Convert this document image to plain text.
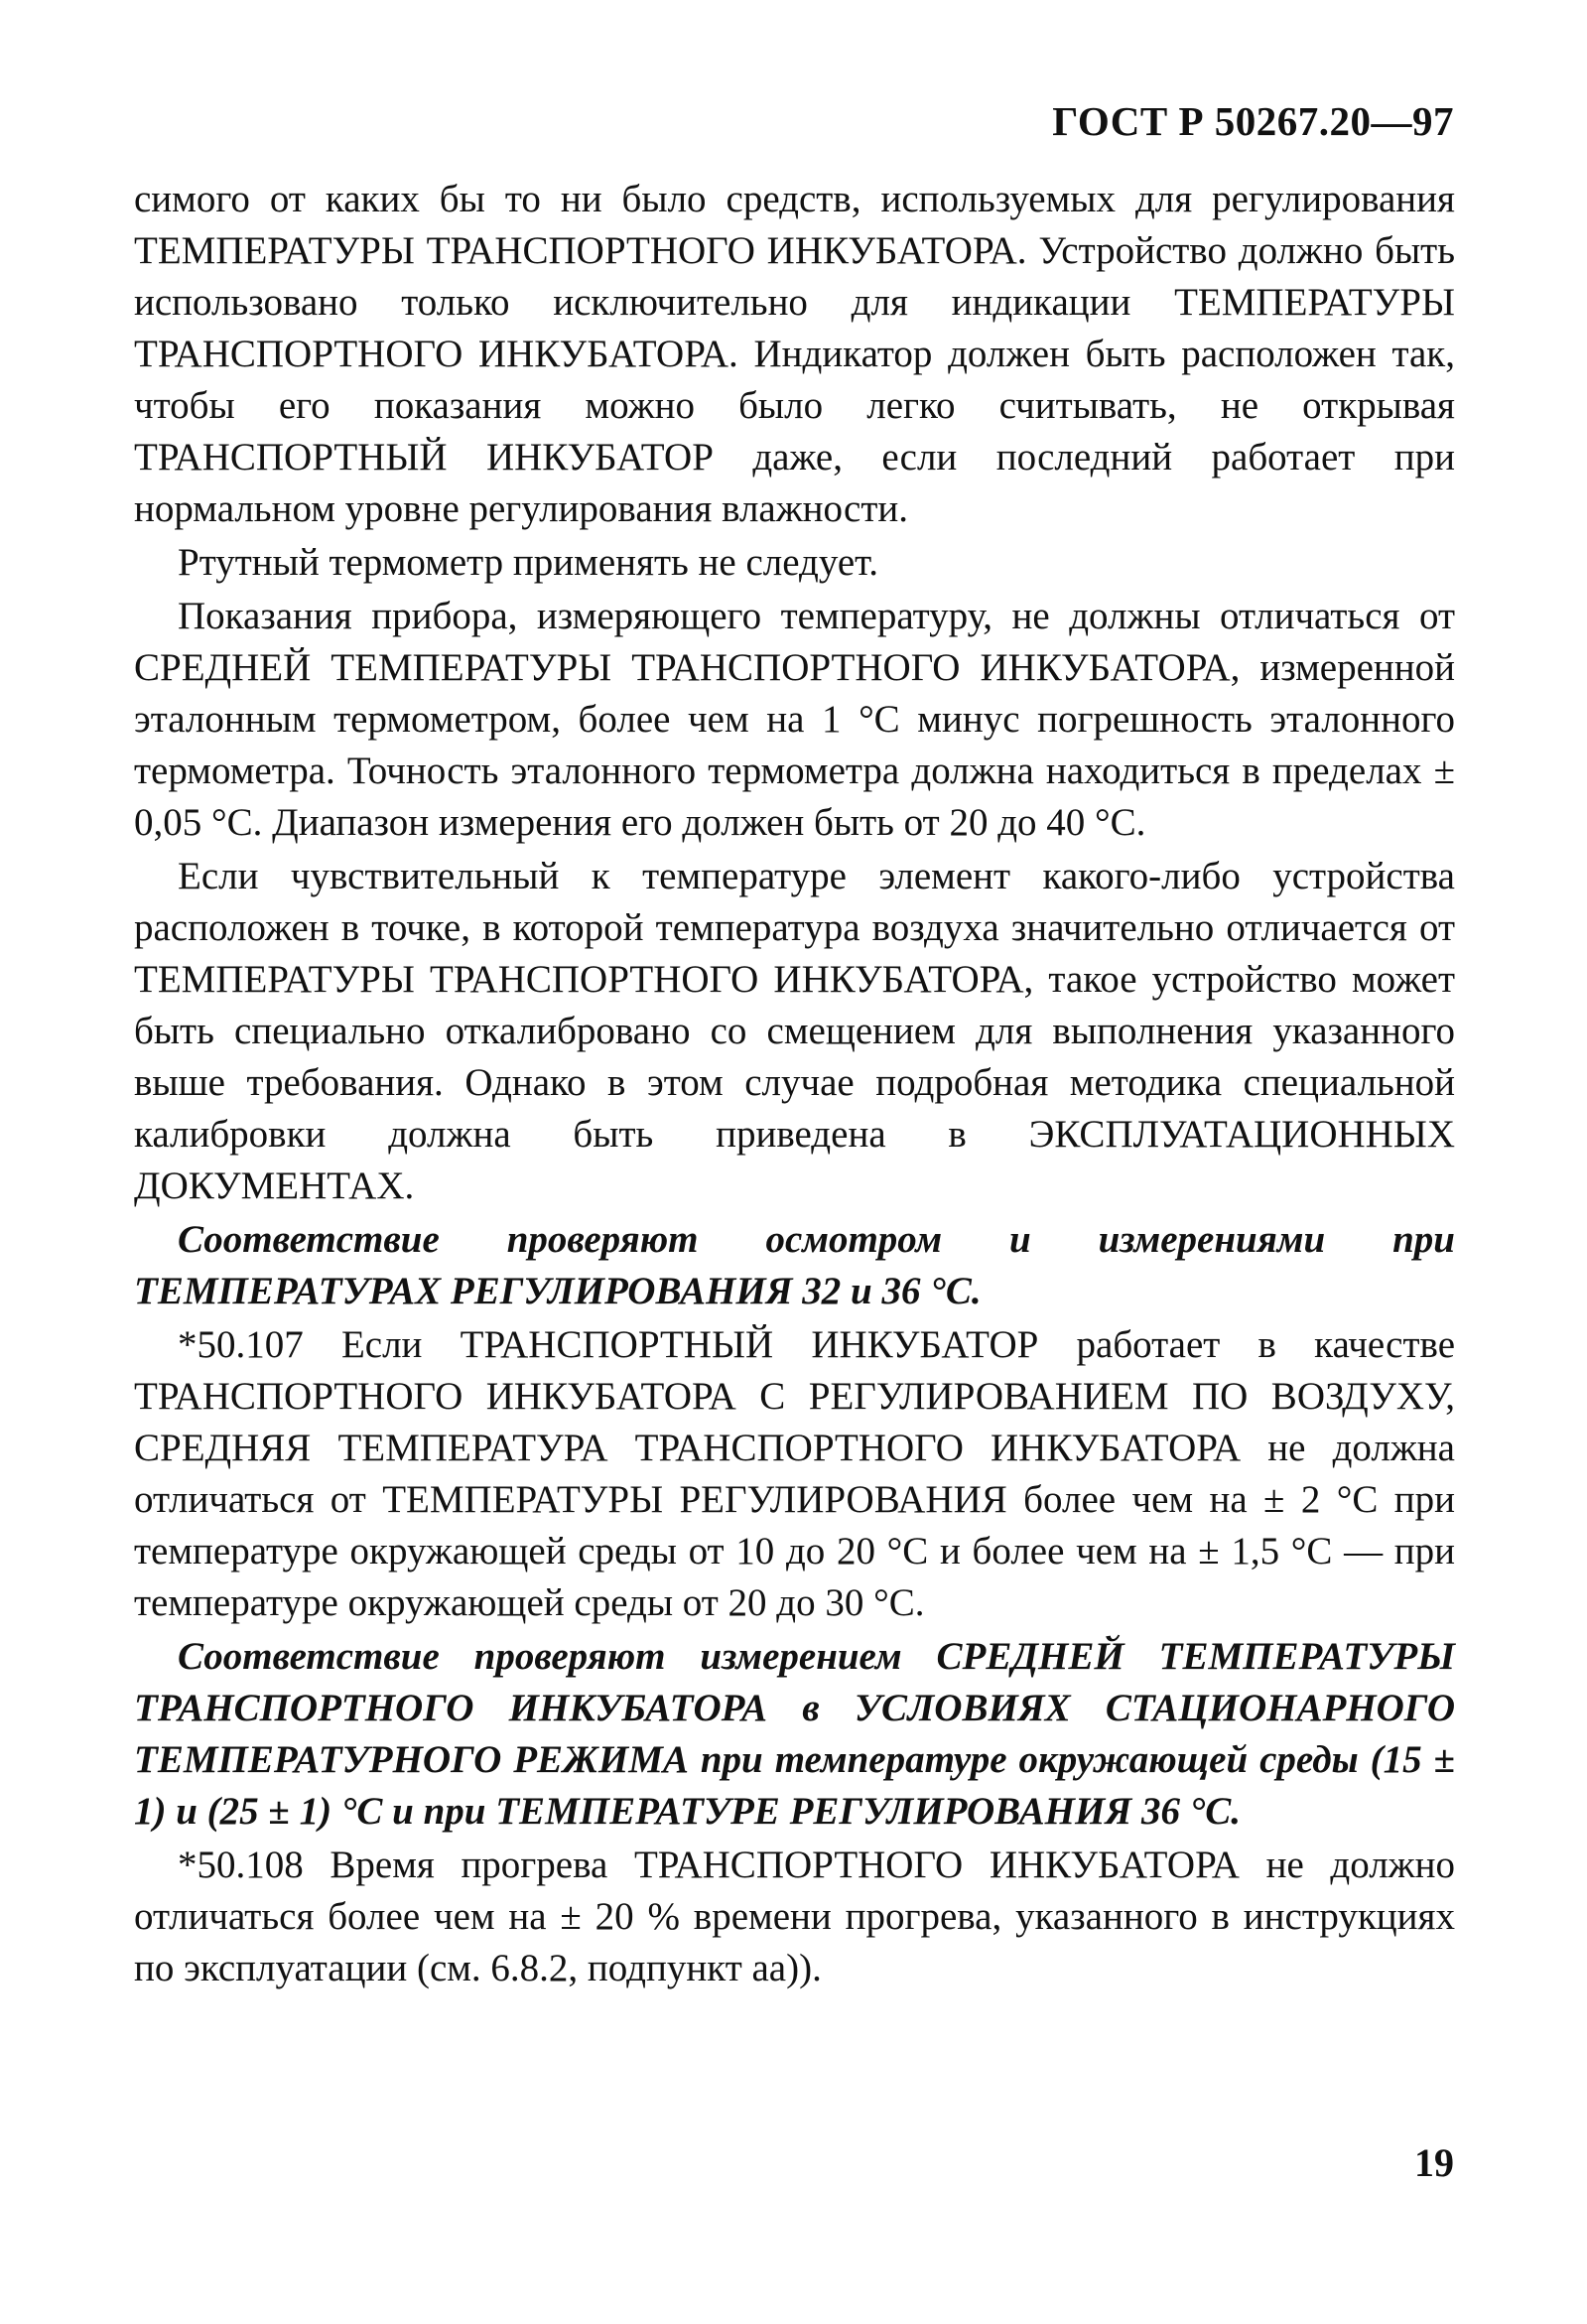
ГОСТ Р 50267.20—97

симого от каких бы то ни было средств, используемых для регулирования ТЕМПЕРАТУРЫ ТРАНСПОРТНОГО ИНКУБАТОРА. Устройство должно быть использовано только исключительно для индикации ТЕМПЕРАТУРЫ ТРАНСПОРТНОГО ИНКУБАТОРА. Индикатор должен быть расположен так, чтобы его показания можно было легко считывать, не открывая ТРАНСПОРТНЫЙ ИНКУБАТОР даже, если последний работает при нормальном уровне регулирования влажности.

Ртутный термометр применять не следует.

Показания прибора, измеряющего температуру, не должны отличаться от СРЕДНЕЙ ТЕМПЕРАТУРЫ ТРАНСПОРТНОГО ИНКУБАТОРА, измеренной эталонным термометром, более чем на 1 °С минус погрешность эталонного термометра. Точность эталонного термометра должна находиться в пределах ± 0,05 °С. Диапазон измерения его должен быть от 20 до 40 °С.

Если чувствительный к температуре элемент какого-либо устройства расположен в точке, в которой температура воздуха значительно отличается от ТЕМПЕРАТУРЫ ТРАНСПОРТНОГО ИНКУБАТОРА, такое устройство может быть специально откалибровано со смещением для выполнения указанного выше требования. Однако в этом случае подробная методика специальной калибровки должна быть приведена в ЭКСПЛУАТАЦИОННЫХ ДОКУМЕНТАХ.

Соответствие проверяют осмотром и измерениями при ТЕМПЕРАТУРАХ РЕГУЛИРОВАНИЯ 32 и 36 °С.

*50.107 Если ТРАНСПОРТНЫЙ ИНКУБАТОР работает в качестве ТРАНСПОРТНОГО ИНКУБАТОРА С РЕГУЛИРОВАНИЕМ ПО ВОЗДУХУ, СРЕДНЯЯ ТЕМПЕРАТУРА ТРАНСПОРТНОГО ИНКУБАТОРА не должна отличаться от ТЕМПЕРАТУРЫ РЕГУЛИРОВАНИЯ более чем на ± 2 °С при температуре окружающей среды от 10 до 20 °С и более чем на ± 1,5 °С — при температуре окружающей среды от 20 до 30 °С.

Соответствие проверяют измерением СРЕДНЕЙ ТЕМПЕРАТУРЫ ТРАНСПОРТНОГО ИНКУБАТОРА в УСЛОВИЯХ СТАЦИОНАРНОГО ТЕМПЕРАТУРНОГО РЕЖИМА при температуре окружающей среды (15 ± 1) и (25 ± 1) °С и при ТЕМПЕРАТУРЕ РЕГУЛИРОВАНИЯ 36 °С.

*50.108 Время прогрева ТРАНСПОРТНОГО ИНКУБАТОРА не должно отличаться более чем на ± 20 % времени прогрева, указанного в инструкциях по эксплуатации (см. 6.8.2, подпункт аа)).

19
